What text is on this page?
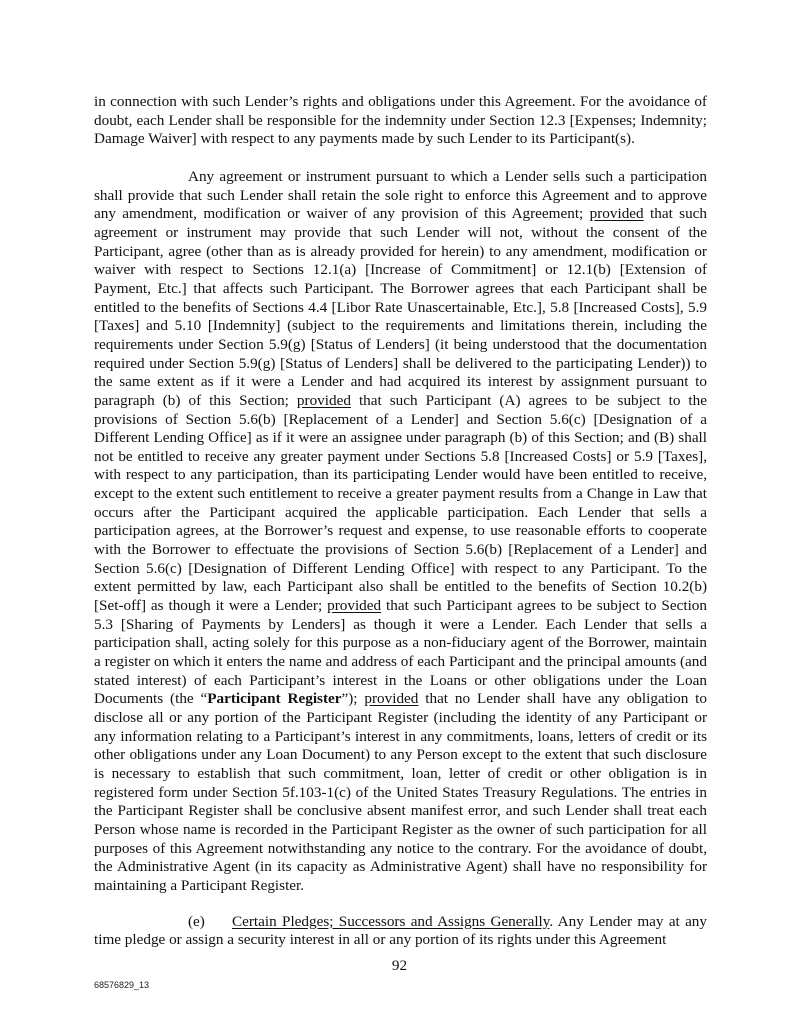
in connection with such Lender’s rights and obligations under this Agreement. For the avoidance of doubt, each Lender shall be responsible for the indemnity under Section 12.3 [Expenses; Indemnity; Damage Waiver] with respect to any payments made by such Lender to its Participant(s).

Any agreement or instrument pursuant to which a Lender sells such a participation shall provide that such Lender shall retain the sole right to enforce this Agreement and to approve any amendment, modification or waiver of any provision of this Agreement; provided that such agreement or instrument may provide that such Lender will not, without the consent of the Participant, agree (other than as is already provided for herein) to any amendment, modification or waiver with respect to Sections 12.1(a) [Increase of Commitment] or 12.1(b) [Extension of Payment, Etc.] that affects such Participant. The Borrower agrees that each Participant shall be entitled to the benefits of Sections 4.4 [Libor Rate Unascertainable, Etc.], 5.8 [Increased Costs], 5.9 [Taxes] and 5.10 [Indemnity] (subject to the requirements and limitations therein, including the requirements under Section 5.9(g) [Status of Lenders] (it being understood that the documentation required under Section 5.9(g) [Status of Lenders] shall be delivered to the participating Lender)) to the same extent as if it were a Lender and had acquired its interest by assignment pursuant to paragraph (b) of this Section; provided that such Participant (A) agrees to be subject to the provisions of Section 5.6(b) [Replacement of a Lender] and Section 5.6(c) [Designation of a Different Lending Office] as if it were an assignee under paragraph (b) of this Section; and (B) shall not be entitled to receive any greater payment under Sections 5.8 [Increased Costs] or 5.9 [Taxes], with respect to any participation, than its participating Lender would have been entitled to receive, except to the extent such entitlement to receive a greater payment results from a Change in Law that occurs after the Participant acquired the applicable participation. Each Lender that sells a participation agrees, at the Borrower’s request and expense, to use reasonable efforts to cooperate with the Borrower to effectuate the provisions of Section 5.6(b) [Replacement of a Lender] and Section 5.6(c) [Designation of Different Lending Office] with respect to any Participant. To the extent permitted by law, each Participant also shall be entitled to the benefits of Section 10.2(b) [Set-off] as though it were a Lender; provided that such Participant agrees to be subject to Section 5.3 [Sharing of Payments by Lenders] as though it were a Lender. Each Lender that sells a participation shall, acting solely for this purpose as a non-fiduciary agent of the Borrower, maintain a register on which it enters the name and address of each Participant and the principal amounts (and stated interest) of each Participant’s interest in the Loans or other obligations under the Loan Documents (the “Participant Register”); provided that no Lender shall have any obligation to disclose all or any portion of the Participant Register (including the identity of any Participant or any information relating to a Participant’s interest in any commitments, loans, letters of credit or its other obligations under any Loan Document) to any Person except to the extent that such disclosure is necessary to establish that such commitment, loan, letter of credit or other obligation is in registered form under Section 5f.103-1(c) of the United States Treasury Regulations. The entries in the Participant Register shall be conclusive absent manifest error, and such Lender shall treat each Person whose name is recorded in the Participant Register as the owner of such participation for all purposes of this Agreement notwithstanding any notice to the contrary. For the avoidance of doubt, the Administrative Agent (in its capacity as Administrative Agent) shall have no responsibility for maintaining a Participant Register.

(e) Certain Pledges; Successors and Assigns Generally. Any Lender may at any time pledge or assign a security interest in all or any portion of its rights under this Agreement

92
68576829_13
